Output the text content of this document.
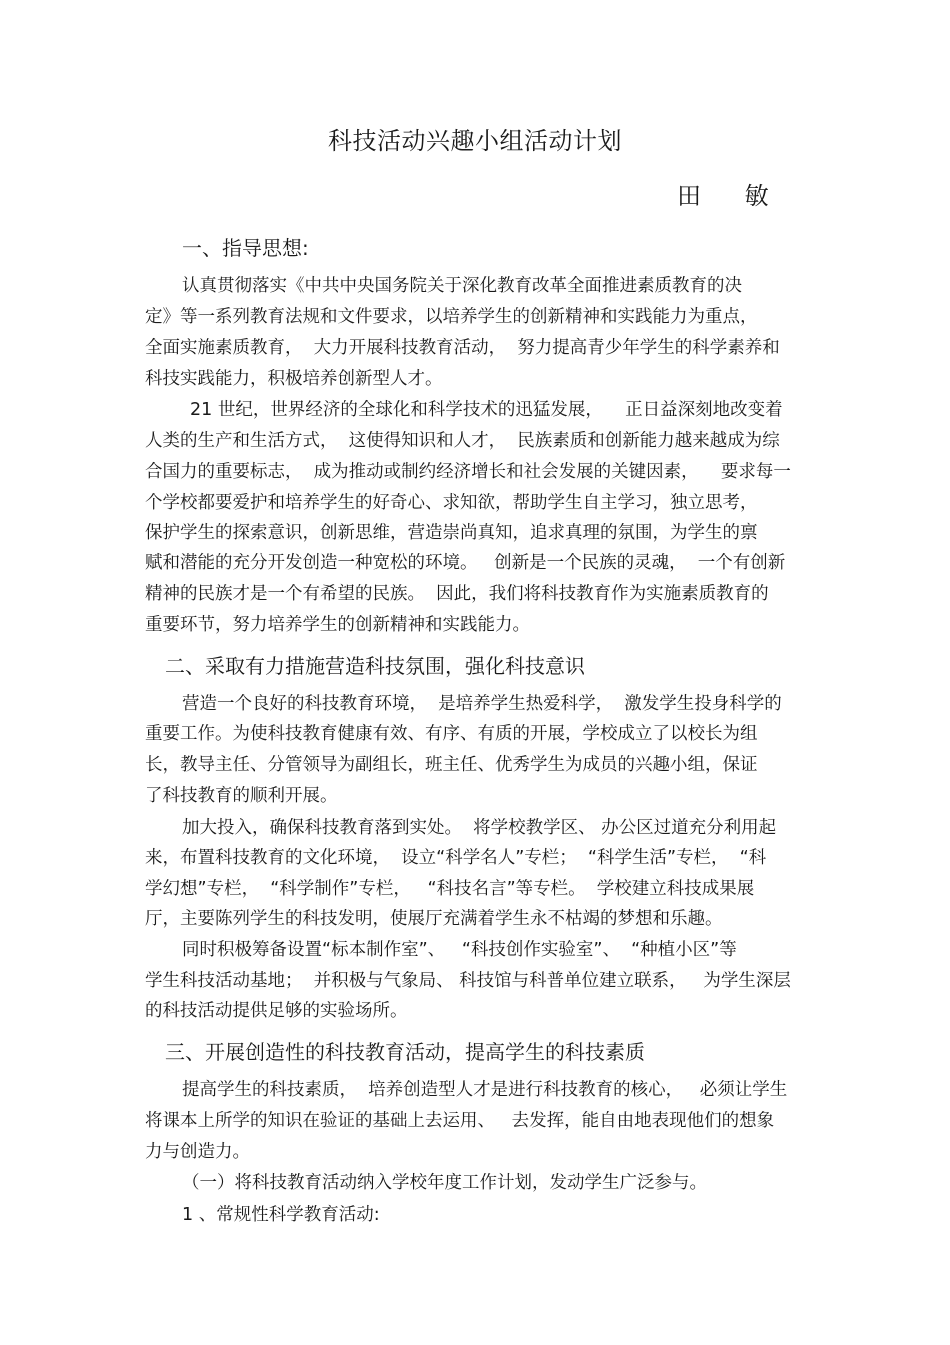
科技活动兴趣小组活动计划
田 敏
一、指导思想:
认真贯彻落实《中共中央国务院关于深化教育改革全面推进素质教育的决
定》等一系列教育法规和文件要求，以培养学生的创新精神和实践能力为重点，
全面实施素质教育，  大力开展科技教育活动，  努力提高青少年学生的科学素养和
科技实践能力，积极培养创新型人才。
21 世纪，世界经济的全球化和科学技术的迅猛发展，    正日益深刻地改变着
人类的生产和生活方式，  这使得知识和人才，  民族素质和创新能力越来越成为综
合国力的重要标志，  成为推动或制约经济增长和社会发展的关键因素，    要求每一
个学校都要爱护和培养学生的好奇心、求知欲，帮助学生自主学习，独立思考，
保护学生的探索意识，创新思维，营造崇尚真知，追求真理的氛围，为学生的禀
赋和潜能的充分开发创造一种宽松的环境。   创新是一个民族的灵魂，  一个有创新
精神的民族才是一个有希望的民族。  因此，我们将科技教育作为实施素质教育的
重要环节，努力培养学生的创新精神和实践能力。
二、采取有力措施营造科技氛围，强化科技意识
营造一个良好的科技教育环境，  是培养学生热爱科学，  激发学生投身科学的
重要工作。为使科技教育健康有效、有序、有质的开展，学校成立了以校长为组
长，教导主任、分管领导为副组长，班主任、优秀学生为成员的兴趣小组，保证
了科技教育的顺利开展。
加大投入，确保科技教育落到实处。  将学校教学区、 办公区过道充分利用起
来，布置科技教育的文化环境，  设立“科学名人”专栏；  “科学生活”专栏，  “科
学幻想”专栏，  “科学制作”专栏，   “科技名言”等专栏。  学校建立科技成果展
厅，主要陈列学生的科技发明，使展厅充满着学生永不枯竭的梦想和乐趣。
同时积极筹备设置“标本制作室”、   “科技创作实验室”、  “种植小区”等
学生科技活动基地；  并积极与气象局、 科技馆与科普单位建立联系，   为学生深层
的科技活动提供足够的实验场所。
三、开展创造性的科技教育活动，提高学生的科技素质
提高学生的科技素质，  培养创造型人才是进行科技教育的核心，   必须让学生
将课本上所学的知识在验证的基础上去运用、   去发挥，能自由地表现他们的想象
力与创造力。
（一）将科技教育活动纳入学校年度工作计划，发动学生广泛参与。
1 、常规性科学教育活动:
